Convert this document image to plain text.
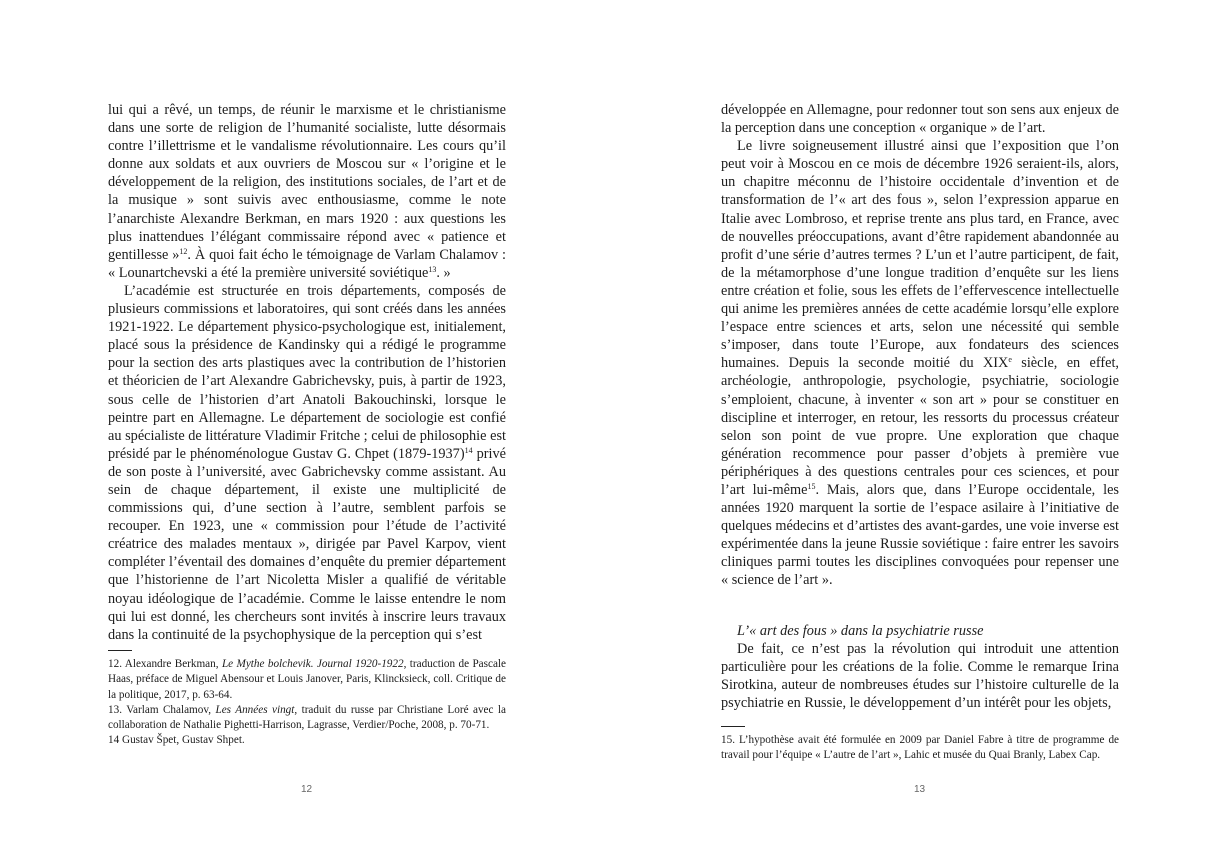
lui qui a rêvé, un temps, de réunir le marxisme et le christianisme dans une sorte de religion de l’humanité socialiste, lutte désormais contre l’illettrisme et le vandalisme révolutionnaire. Les cours qu’il donne aux soldats et aux ouvriers de Moscou sur « l’origine et le développement de la religion, des institutions sociales, de l’art et de la musique » sont suivis avec enthousiasme, comme le note l’anarchiste Alexandre Berkman, en mars 1920 : aux questions les plus inattendues l’élégant commissaire répond avec « patience et gentillesse »$^{12}$. À quoi fait écho le témoignage de Varlam Chalamov : « Lounartchevski a été la première université soviétique$^{13}$. »

L’académie est structurée en trois départements, composés de plusieurs commissions et laboratoires, qui sont créés dans les années 1921-1922. Le département physico-psychologique est, initialement, placé sous la présidence de Kandinsky qui a rédigé le programme pour la section des arts plastiques avec la contribution de l’historien et théoricien de l’art Alexandre Gabrichevsky, puis, à partir de 1923, sous celle de l’historien d’art Anatoli Bakouchinski, lorsque le peintre part en Allemagne. Le département de sociologie est confié au spécialiste de littérature Vladimir Fritche ; celui de philosophie est présidé par le phénoménologue Gustav G. Chpet (1879-1937)$^{14}$ privé de son poste à l’université, avec Gabrichevsky comme assistant. Au sein de chaque département, il existe une multiplicité de commissions qui, d’une section à l’autre, semblent parfois se recouper. En 1923, une « commission pour l’étude de l’activité créatrice des malades mentaux », dirigée par Pavel Karpov, vient compléter l’éventail des domaines d’enquête du premier département que l’historienne de l’art Nicoletta Misler a qualifié de véritable noyau idéologique de l’académie. Comme le laisse entendre le nom qui lui est donné, les chercheurs sont invités à inscrire leurs travaux dans la continuité de la psychophysique de la perception qui s’est

12. Alexandre Berkman, Le Mythe bolchevik. Journal 1920-1922, traduction de Pascale Haas, préface de Miguel Abensour et Louis Janover, Paris, Klincksieck, coll. Critique de la politique, 2017, p. 63-64.

13. Varlam Chalamov, Les Années vingt, traduit du russe par Christiane Loré avec la collaboration de Nathalie Pighetti-Harrison, Lagrasse, Verdier/Poche, 2008, p. 70-71.

14 Gustav Špet, Gustav Shpet.

12

développée en Allemagne, pour redonner tout son sens aux enjeux de la perception dans une conception « organique » de l’art.

Le livre soigneusement illustré ainsi que l’exposition que l’on peut voir à Moscou en ce mois de décembre 1926 seraient-ils, alors, un chapitre méconnu de l’histoire occidentale d’invention et de transformation de l’« art des fous », selon l’expression apparue en Italie avec Lombroso, et reprise trente ans plus tard, en France, avec de nouvelles préoccupations, avant d’être rapidement abandonnée au profit d’une série d’autres termes ? L’un et l’autre participent, de fait, de la métamorphose d’une longue tradition d’enquête sur les liens entre création et folie, sous les effets de l’effervescence intellectuelle qui anime les premières années de cette académie lorsqu’elle explore l’espace entre sciences et arts, selon une nécessité qui semble s’imposer, dans toute l’Europe, aux fondateurs des sciences humaines. Depuis la seconde moitié du XIXe siècle, en effet, archéologie, anthropologie, psychologie, psychiatrie, sociologie s’emploient, chacune, à inventer « son art » pour se constituer en discipline et interroger, en retour, les ressorts du processus créateur selon son point de vue propre. Une exploration que chaque génération recommence pour passer d’objets à première vue périphériques à des questions centrales pour ces sciences, et pour l’art lui-même$^{15}$. Mais, alors que, dans l’Europe occidentale, les années 1920 marquent la sortie de l’espace asilaire à l’initiative de quelques médecins et d’artistes des avant-gardes, une voie inverse est expérimentée dans la jeune Russie soviétique : faire entrer les savoirs cliniques parmi toutes les disciplines convoquées pour repenser une « science de l’art ».

L’« art des fous » dans la psychiatrie russe

De fait, ce n’est pas la révolution qui introduit une attention particulière pour les créations de la folie. Comme le remarque Irina Sirotkina, auteur de nombreuses études sur l’histoire culturelle de la psychiatrie en Russie, le développement d’un intérêt pour les objets,

15. L’hypothèse avait été formulée en 2009 par Daniel Fabre à titre de programme de travail pour l’équipe « L’autre de l’art », Lahic et musée du Quai Branly, Labex Cap.

13
